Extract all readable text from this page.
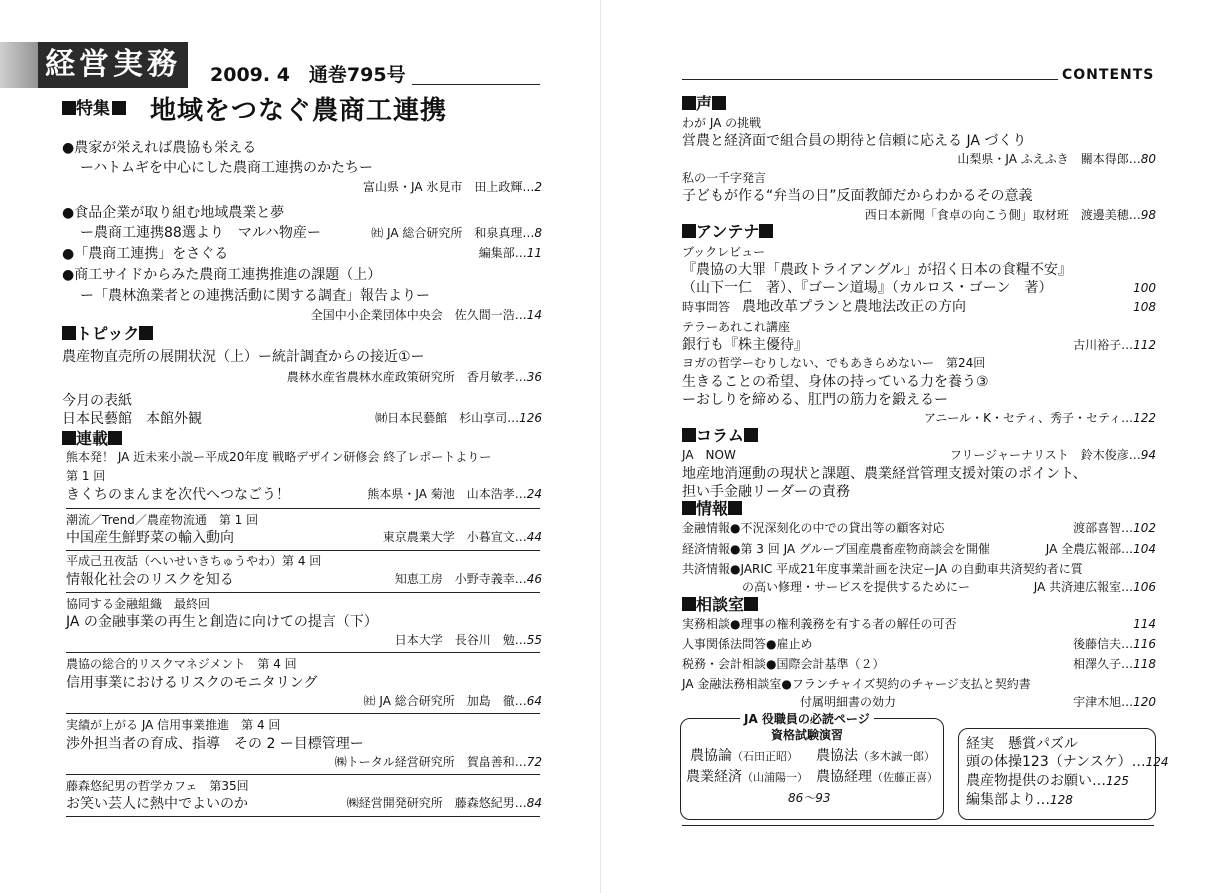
経営実務	2009. 4　通巻795号
特集	地域をつなぐ農商工連携
●農家が栄えれば農協も栄える
ーハトムギを中心にした農商工連携のかたちー
富山県・JA 氷見市　田上政輝…2
●食品企業が取り組む地域農業と夢
ー農商工連携88選より　マルハ物産ー	㈳ JA 総合研究所　和泉真理…8
●「農商工連携」をさぐる	編集部…11
●商工サイドからみた農商工連携推進の課題（上）
ー「農林漁業者との連携活動に関する調査」報告よりー
全国中小企業団体中央会　佐久間一浩…14
トピック
農産物直売所の展開状況（上）ー統計調査からの接近①ー
農林水産省農林水産政策研究所　香月敏孝…36
今月の表紙
日本民藝館　本館外観	㈶日本民藝館　杉山享司…126
連載
熊本発！ JA 近未来小説ー平成20年度 戦略デザイン研修会 終了レポートよりー
第 1 回
きくちのまんまを次代へつなごう！	熊本県・JA 菊池　山本浩孝…24
潮流／Trend／農産物流通　第 1 回
中国産生鮮野菜の輸入動向	東京農業大学　小暮宣文…44
平成己丑夜話（へいせいきちゅうやわ）第 4 回
情報化社会のリスクを知る	知恵工房　小野寺義幸…46
協同する金融組織　最終回
JA の金融事業の再生と創造に向けての提言（下）
日本大学　長谷川　勉…55
農協の総合的リスクマネジメント　第 4 回
信用事業におけるリスクのモニタリング
㈳ JA 総合研究所　加島　徹…64
実績が上がる JA 信用事業推進　第 4 回
渉外担当者の育成、指導　その 2 ー目標管理ー
㈱トータル経営研究所　賀畠善和…72
藤森悠紀男の哲学カフェ　第35回
お笑い芸人に熱中でよいのか	㈱経営開発研究所　藤森悠紀男…84
CONTENTS
声
わが JA の挑戦
営農と経済面で組合員の期待と信頼に応える JA づくり
山梨県・JA ふえふき　關本得郎…80
私の一千字発言
子どもが作る“弁当の日”反面教師だからわかるその意義
西日本新聞「食卓の向こう側」取材班　渡邊美穂…98
アンテナ
ブックレビュー
『農協の大罪「農政トライアングル」が招く日本の食糧不安』
（山下一仁　著）、『ゴーン道場』（カルロス・ゴーン　著）	100
時事問答 農地改革プランと農地法改正の方向	108
テラーあれこれ講座
銀行も『株主優待』	古川裕子…112
ヨガの哲学ーむりしない、でもあきらめないー　第24回
生きることの希望、身体の持っている力を養う③
ーおしりを締める、肛門の筋力を鍛えるー
アニール・K・セティ、秀子・セティ…122
コラム
JA　NOW	フリージャーナリスト　鈴木俊彦…94
地産地消運動の現状と課題、農業経営管理支援対策のポイント、
担い手金融リーダーの責務
情報
金融情報●不況深刻化の中での貸出等の顧客対応	渡部喜智…102
経済情報●第 3 回 JA グループ国産農畜産物商談会を開催	JA 全農広報部…104
共済情報●JARIC 平成21年度事業計画を決定ーJA の自動車共済契約者に質
の高い修理・サービスを提供するためにー	JA 共済連広報室…106
相談室
実務相談●理事の権利義務を有する者の解任の可否	114
人事関係法問答●雇止め	後藤信夫…116
税務・会計相談●国際会計基準（２）	相澤久子…118
JA 金融法務相談室●フランチャイズ契約のチャージ支払と契約書
付属明細書の効力	宇津木旭…120
JA 役職員の必読ページ
資格試験演習
農協論（石田正昭） 農協法（多木誠一郎）
農業経済（山浦陽一） 農協経理（佐藤正喜）
86～93
経実　懸賞パズル
頭の体操123（ナンスケ）…124
農産物提供のお願い…125
編集部より…128
